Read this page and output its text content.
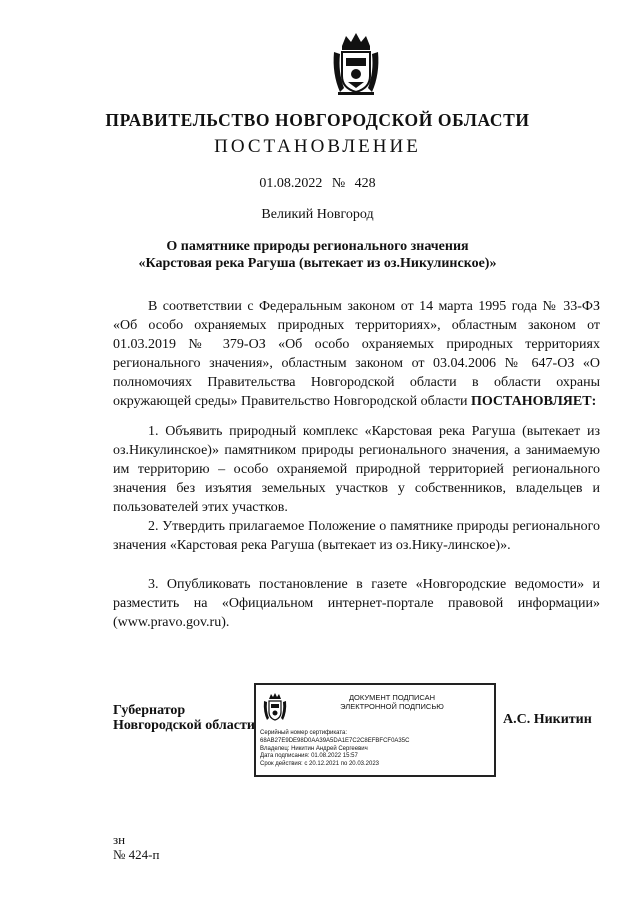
ПРАВИТЕЛЬСТВО НОВГОРОДСКОЙ ОБЛАСТИ
ПОСТАНОВЛЕНИЕ
01.08.2022 № 428
Великий Новгород
О памятнике природы регионального значения
«Карстовая река Рагуша (вытекает из оз.Никулинское)»

В соответствии с Федеральным законом от 14 марта 1995 года № 33-ФЗ «Об особо охраняемых природных территориях», областным законом от 01.03.2019 № 379-ОЗ «Об особо охраняемых природных территориях регионального значения», областным законом от 03.04.2006 № 647-ОЗ «О полномочиях Правительства Новгородской области в области охраны окружающей среды» Правительство Новгородской области ПОСТАНОВЛЯЕТ:

1. Объявить природный комплекс «Карстовая река Рагуша (вытекает из оз.Никулинское)» памятником природы регионального значения, а занимаемую им территорию – особо охраняемой природной территорией регионального значения без изъятия земельных участков у собственников, владельцев и пользователей этих участков.

2. Утвердить прилагаемое Положение о памятнике природы регионального значения «Карстовая река Рагуша (вытекает из оз.Нику-линское)».

3. Опубликовать постановление в газете «Новгородские ведомости» и разместить на «Официальном интернет-портале правовой информации» (www.pravo.gov.ru).

Губернатор
Новгородской области
ДОКУМЕНТ ПОДПИСАН
ЭЛЕКТРОННОЙ ПОДПИСЬЮ
Серийный номер сертификата:
68AB27E9DE98D0AA39A5DA1E7C2C8EFBFCF0A35C
Владелец: Никитин Андрей Сергеевич
Дата подписания: 01.08.2022 15:57
Срок действия: с 20.12.2021 по 20.03.2023
А.С. Никитин
зн
№ 424-п
